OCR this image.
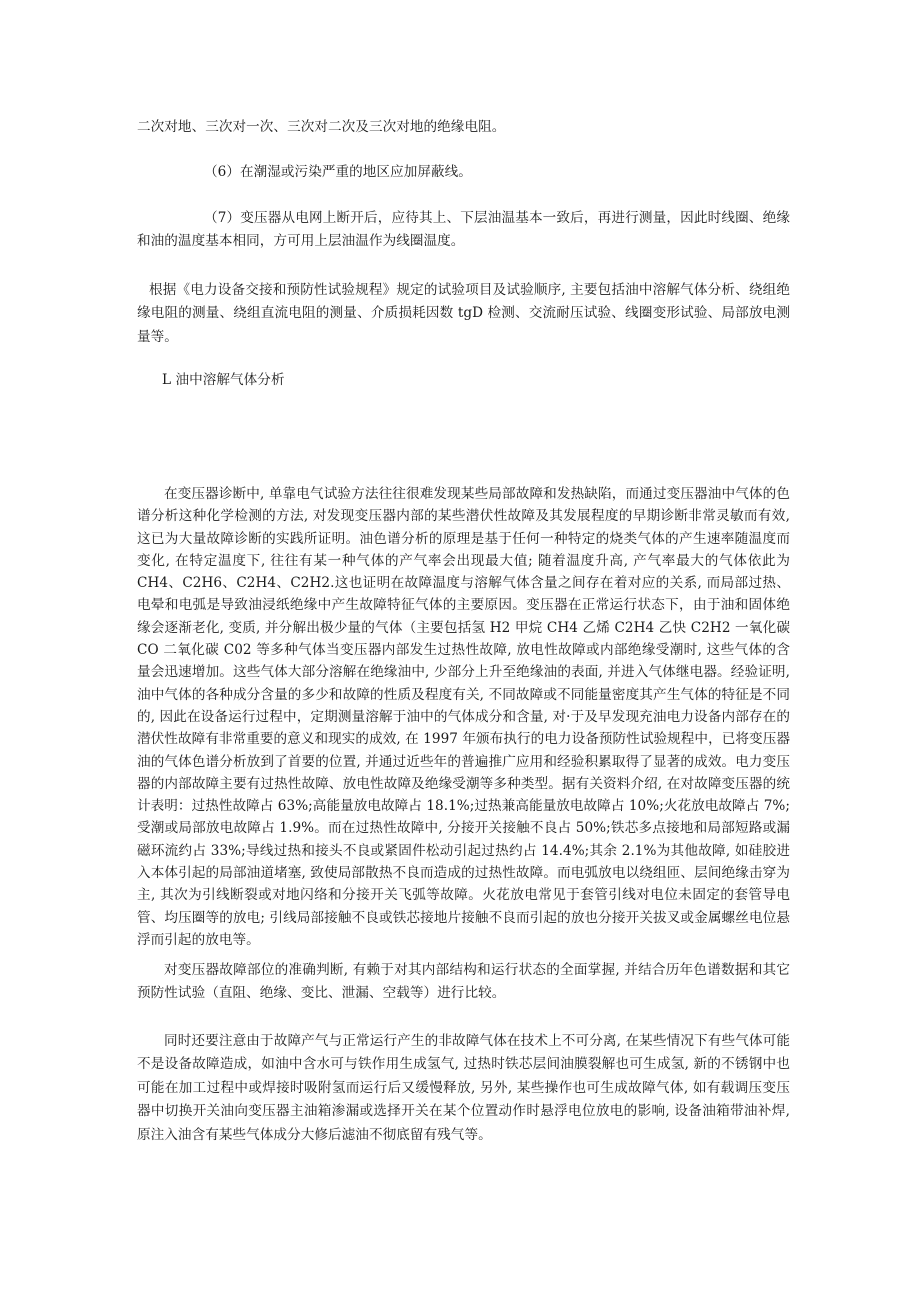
二次对地、三次对一次、三次对二次及三次对地的绝缘电阻。

（6）在潮湿或污染严重的地区应加屏蔽线。

（7）变压器从电网上断开后，应待其上、下层油温基本一致后，再进行测量，因此时线圈、绝缘和油的温度基本相同，方可用上层油温作为线圈温度。

根据《电力设备交接和预防性试验规程》规定的试验项目及试验顺序, 主要包括油中溶解气体分析、绕组绝缘电阻的测量、绕组直流电阻的测量、介质损耗因数 tgD 检测、交流耐压试验、线圈变形试验、局部放电测量等。

L 油中溶解气体分析

在变压器诊断中, 单靠电气试验方法往往很难发现某些局部故障和发热缺陷，而通过变压器油中气体的色谱分析这种化学检测的方法, 对发现变压器内部的某些潜伏性故障及其发展程度的早期诊断非常灵敏而有效, 这已为大量故障诊断的实践所证明。油色谱分析的原理是基于任何一种特定的烧类气体的产生速率随温度而变化, 在特定温度下, 往往有某一种气体的产气率会出现最大值; 随着温度升高, 产气率最大的气体依此为 CH4、C2H6、C2H4、C2H2.这也证明在故障温度与溶解气体含量之间存在着对应的关系, 而局部过热、电晕和电弧是导致油浸纸绝缘中产生故障特征气体的主要原因。变压器在正常运行状态下，由于油和固体绝缘会逐渐老化, 变质, 并分解出极少量的气体（主要包括氢 H2 甲烷 CH4 乙烯 C2H4 乙快 C2H2 一氧化碳 CO 二氧化碳 C02 等多种气体当变压器内部发生过热性故障, 放电性故障或内部绝缘受潮时, 这些气体的含量会迅速增加。这些气体大部分溶解在绝缘油中, 少部分上升至绝缘油的表面, 并进入气体继电器。经验证明, 油中气体的各种成分含量的多少和故障的性质及程度有关, 不同故障或不同能量密度其产生气体的特征是不同的, 因此在设备运行过程中，定期测量溶解于油中的气体成分和含量, 对·于及早发现充油电力设备内部存在的潜伏性故障有非常重要的意义和现实的成效, 在 1997 年颁布执行的电力设备预防性试验规程中，已将变压器油的气体色谱分析放到了首要的位置, 并通过近些年的普遍推广应用和经验积累取得了显著的成效。电力变压器的内部故障主要有过热性故障、放电性故障及绝缘受潮等多种类型。据有关资料介绍, 在对故障变压器的统计表明：过热性故障占 63%;高能量放电故障占 18.1%;过热兼高能量放电故障占 10%;火花放电故障占 7%;受潮或局部放电故障占 1.9%。而在过热性故障中, 分接开关接触不良占 50%;铁芯多点接地和局部短路或漏磁环流约占 33%;导线过热和接头不良或紧固件松动引起过热约占 14.4%;其余 2.1%为其他故障, 如硅胶进入本体引起的局部油道堵塞, 致使局部散热不良而造成的过热性故障。而电弧放电以绕组匝、层间绝缘击穿为主, 其次为引线断裂或对地闪络和分接开关飞弧等故障。火花放电常见于套管引线对电位未固定的套管导电管、均压圈等的放电; 引线局部接触不良或铁芯接地片接触不良而引起的放也分接开关拔叉或金属螺丝电位悬浮而引起的放电等。

对变压器故障部位的准确判断, 有赖于对其内部结构和运行状态的全面掌握, 并结合历年色谱数据和其它预防性试验（直阻、绝缘、变比、泄漏、空载等）进行比较。

同时还要注意由于故障产气与正常运行产生的非故障气体在技术上不可分离, 在某些情况下有些气体可能不是设备故障造成，如油中含水可与铁作用生成氢气, 过热时铁芯层间油膜裂解也可生成氢, 新的不锈钢中也可能在加工过程中或焊接时吸附氢而运行后又缓慢释放, 另外, 某些操作也可生成故障气体, 如有载调压变压器中切换开关油向变压器主油箱渗漏或选择开关在某个位置动作时悬浮电位放电的影响, 设备油箱带油补焊, 原注入油含有某些气体成分大修后滤油不彻底留有残气等。
